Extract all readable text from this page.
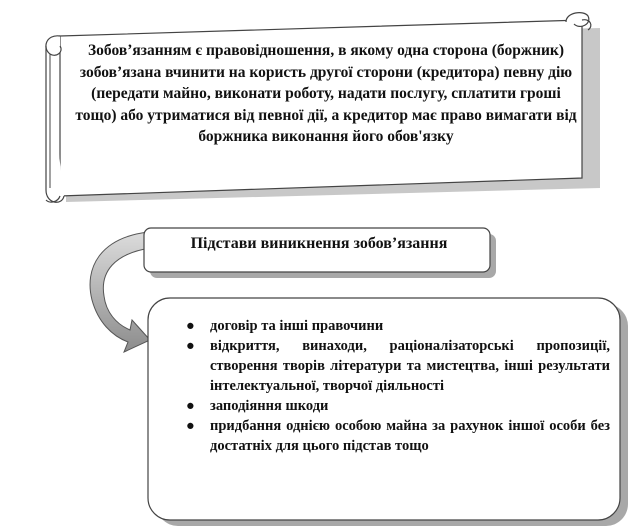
Зобов’язанням є правовідношення, в якому одна сторона (боржник) зобов’язана вчинити на користь другої сторони (кредитора) певну дію (передати майно, виконати роботу, надати послугу, сплатити гроші тощо) або утриматися від певної дії, а кредитор має право вимагати від боржника виконання його обов'язку
Підстави виникнення зобов’язання
● договір та інші правочини
● відкриття, винаходи, раціоналізаторські пропозиції, створення творів літератури та мистецтва, інші результати інтелектуальної, творчої діяльності
● заподіяння шкоди
● придбання однією особою майна за рахунок іншої особи без достатніх для цього підстав тощо
